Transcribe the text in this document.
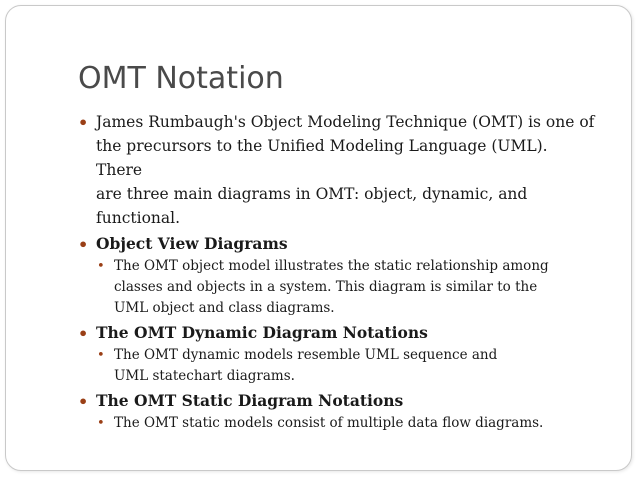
OMT Notation
• James Rumbaugh's Object Modeling Technique (OMT) is one of
the precursors to the Unified Modeling Language (UML). There
are three main diagrams in OMT: object, dynamic, and
functional.
• Object View Diagrams
• The OMT object model illustrates the static relationship among
classes and objects in a system. This diagram is similar to the
UML object and class diagrams.
• The OMT Dynamic Diagram Notations
• The OMT dynamic models resemble UML sequence and
UML statechart diagrams.
• The OMT Static Diagram Notations
• The OMT static models consist of multiple data flow diagrams.
